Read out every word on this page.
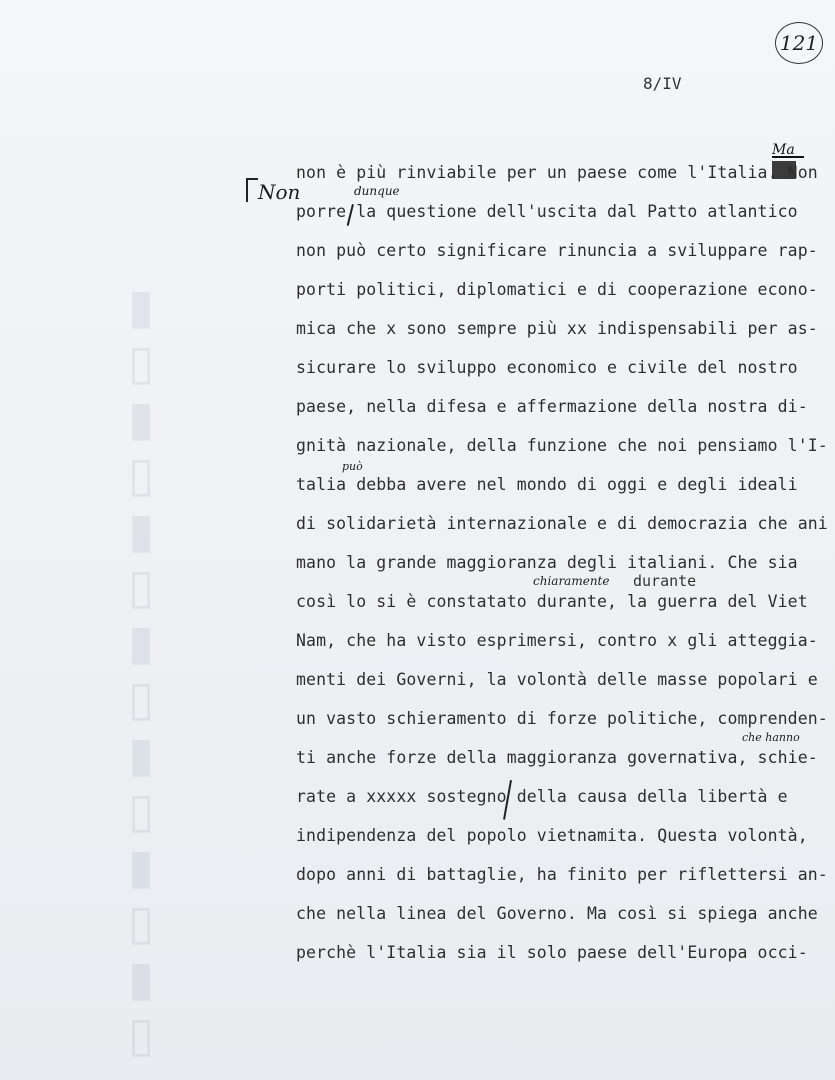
▯▮▯▮▯▮▯▮▯▮▯▮▯▮
121
8/IV
Non	dunque
Ma
può
chiaramente
che hanno
non è più rinviabile per un paese come l'Italia. Non
porre la questione dell'uscita dal Patto atlantico
non può certo significare rinuncia a sviluppare rap-
porti politici, diplomatici e di cooperazione econo-
mica che x sono sempre più xx indispensabili per as-
sicurare lo sviluppo economico e civile del nostro
paese, nella difesa e affermazione della nostra di-
gnità nazionale, della funzione che noi pensiamo l'I-
talia debba avere nel mondo di oggi e degli ideali
di solidarietà internazionale e di democrazia che ani
mano la grande maggioranza degli italiani. Che sia
durante
così lo si è constatato durante, la guerra del Viet
Nam, che ha visto esprimersi, contro x gli atteggia-
menti dei Governi, la volontà delle masse popolari e
un vasto schieramento di forze politiche, comprenden-
ti anche forze della maggioranza governativa, schie-
rate a xxxxx sostegno della causa della libertà e
indipendenza del popolo vietnamita. Questa volontà,
dopo anni di battaglie, ha finito per riflettersi an-
che nella linea del Governo. Ma così si spiega anche
perchè l'Italia sia il solo paese dell'Europa occi-
